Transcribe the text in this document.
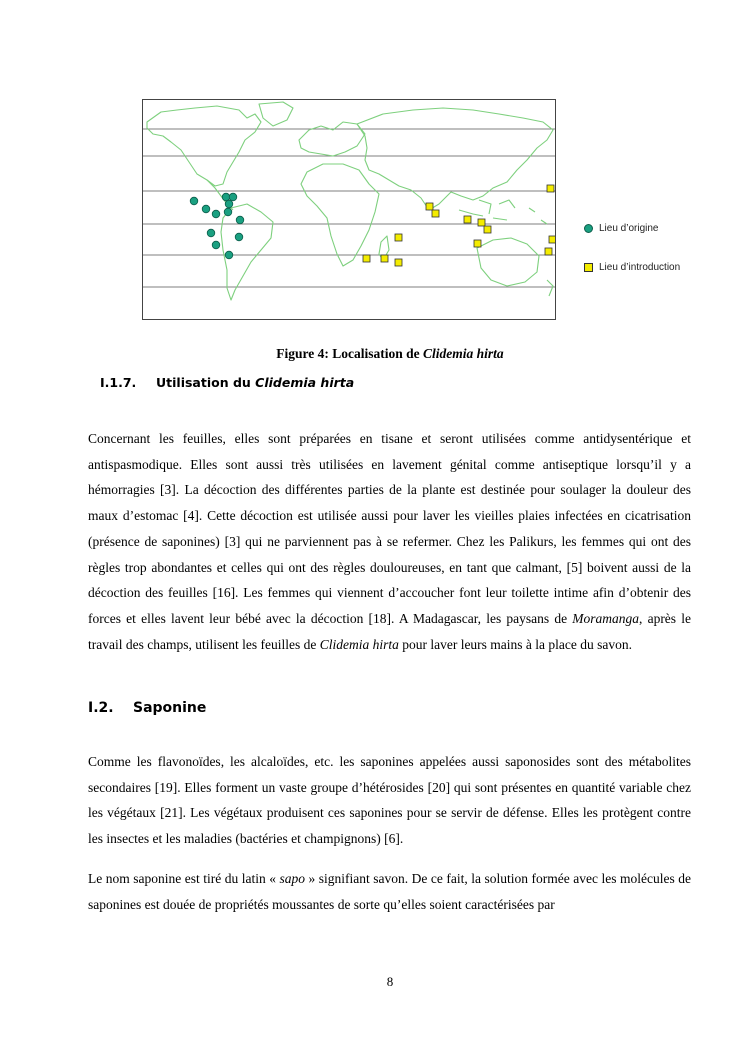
Lieu d’origine
Lieu d’introduction
Figure 4: Localisation de Clidemia hirta
I.1.7. Utilisation du Clidemia hirta

Concernant les feuilles, elles sont préparées en tisane et seront utilisées comme antidysentérique et antispasmodique. Elles sont aussi très utilisées en lavement génital comme antiseptique lorsqu’il y a hémorragies [3]. La décoction des différentes parties de la plante est destinée pour soulager la douleur des maux d’estomac [4]. Cette décoction est utilisée aussi pour laver les vieilles plaies infectées en cicatrisation (présence de saponines) [3] qui ne parviennent pas à se refermer. Chez les Palikurs, les femmes qui ont des règles trop abondantes et celles qui ont des règles douloureuses, en tant que calmant, [5] boivent aussi de la décoction des feuilles [16]. Les femmes qui viennent d’accoucher font leur toilette intime afin d’obtenir des forces et elles lavent leur bébé avec la décoction [18]. A Madagascar, les paysans de Moramanga, après le travail des champs, utilisent les feuilles de Clidemia hirta pour laver leurs mains à la place du savon.

I.2. Saponine

Comme les flavonoïdes, les alcaloïdes, etc. les saponines appelées aussi saponosides sont des métabolites secondaires [19]. Elles forment un vaste groupe d’hétérosides [20] qui sont présentes en quantité variable chez les végétaux [21]. Les végétaux produisent ces saponines pour se servir de défense. Elles les protègent contre les insectes et les maladies (bactéries et champignons) [6].

Le nom saponine est tiré du latin « sapo » signifiant savon. De ce fait, la solution formée avec les molécules de saponines est douée de propriétés moussantes de sorte qu’elles soient caractérisées par

8
